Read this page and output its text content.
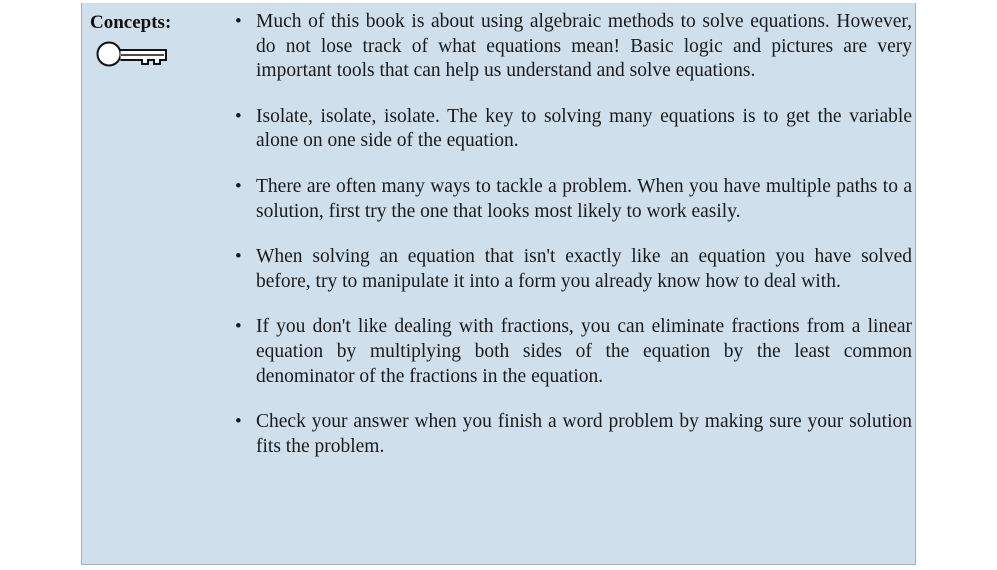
Concepts:	• Much of this book is about using algebraic methods to solve equations. However, do not lose track of what equations mean! Basic logic and pictures are very important tools that can help us understand and solve equations.
• Isolate, isolate, isolate. The key to solving many equations is to get the variable alone on one side of the equation.
• There are often many ways to tackle a problem. When you have multiple paths to a solution, first try the one that looks most likely to work easily.
• When solving an equation that isn't exactly like an equation you have solved before, try to manipulate it into a form you already know how to deal with.
• If you don't like dealing with fractions, you can eliminate fractions from a linear equation by multiplying both sides of the equation by the least common denominator of the fractions in the equation.
• Check your answer when you finish a word problem by making sure your solution fits the problem.
